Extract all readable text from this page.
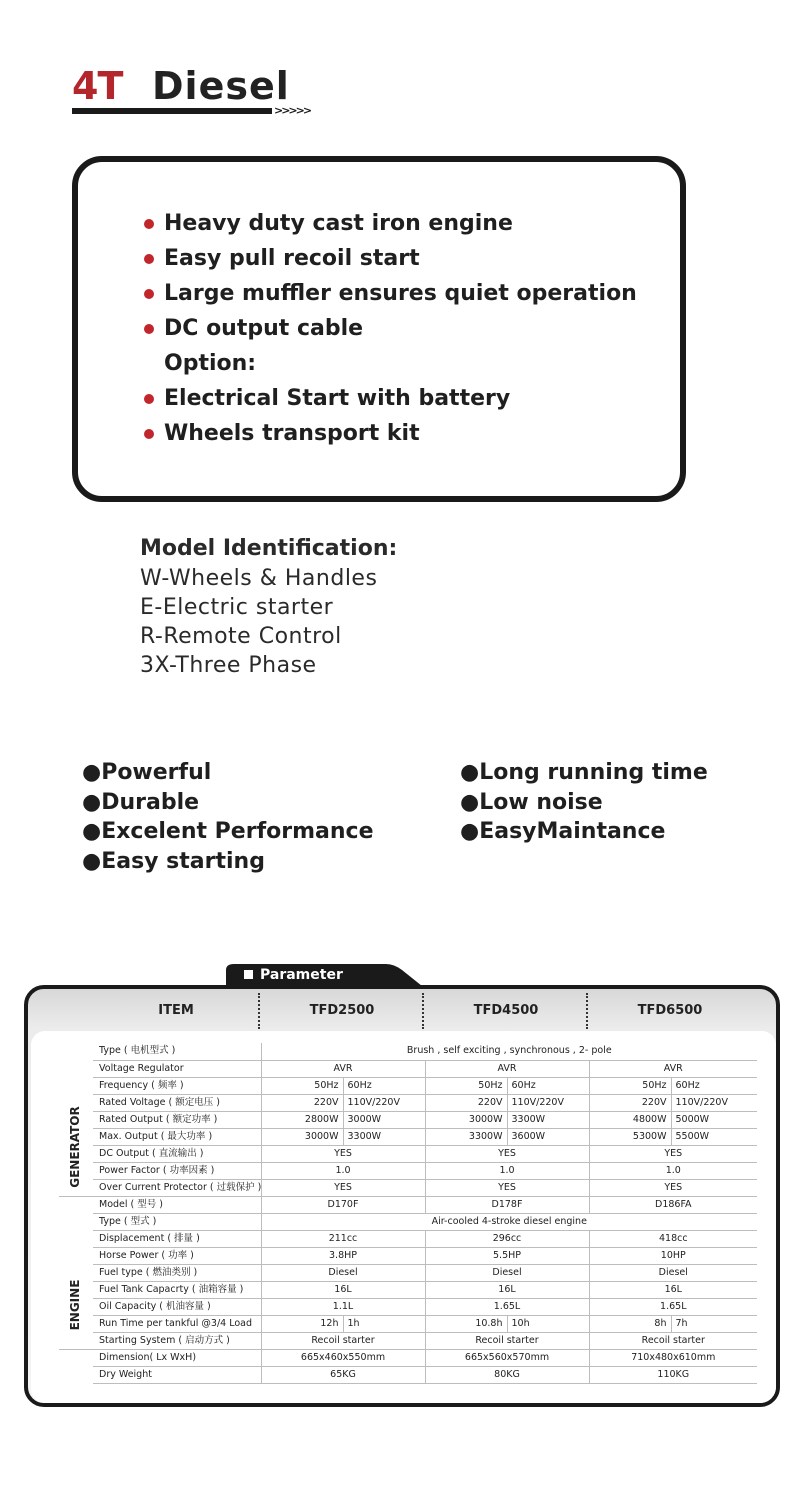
4T Diesel
>>>>>
Heavy duty cast iron engine
Easy pull recoil start
Large muffler ensures quiet operation
DC output cable
Option:
Electrical Start with battery
Wheels transport kit
Model Identification:
W-Wheels & Handles
E-Electric starter
R-Remote Control
3X-Three Phase
●Powerful
●Durable
●Excelent Performance
●Easy starting
●Long running time
●Low noise
●EasyMaintance
ITEM	TFD2500	TFD4500	TFD6500
GENERATOR
ENGINE
Type ( 电机型式 )	Brush , self exciting , synchronous , 2- pole					
Voltage Regulator	AVR		AVR		AVR	
Frequency ( 频率 )	50Hz	60Hz	50Hz	60Hz	50Hz	60Hz
Rated Voltage ( 额定电压 )	220V	110V/220V	220V	110V/220V	220V	110V/220V
Rated Output ( 额定功率 )	2800W	3000W	3000W	3300W	4800W	5000W
Max. Output ( 最大功率 )	3000W	3300W	3300W	3600W	5300W	5500W
DC Output ( 直流输出 )	YES		YES		YES	
Power Factor ( 功率因素 )	1.0		1.0		1.0	
Over Current Protector ( 过载保护 )	YES		YES		YES	
Model ( 型号 )	D170F		D178F		D186FA	
Type ( 型式 )	Air-cooled 4-stroke diesel engine					
Displacement ( 排量 )	211cc		296cc		418cc	
Horse Power ( 功率 )	3.8HP		5.5HP		10HP	
Fuel type ( 燃油类别 )	Diesel		Diesel		Diesel	
Fuel Tank Capacrty ( 油箱容量 )	16L		16L		16L	
Oil Capacity ( 机油容量 )	1.1L		1.65L		1.65L	
Run Time per tankful @3/4 Load	12h	1h	10.8h	10h	8h	7h
Starting System ( 启动方式 )	Recoil starter		Recoil starter		Recoil starter	
Dimension( Lx WxH)	665x460x550mm		665x560x570mm		710x480x610mm	
Dry Weight	65KG		80KG		110KG	
Parameter
